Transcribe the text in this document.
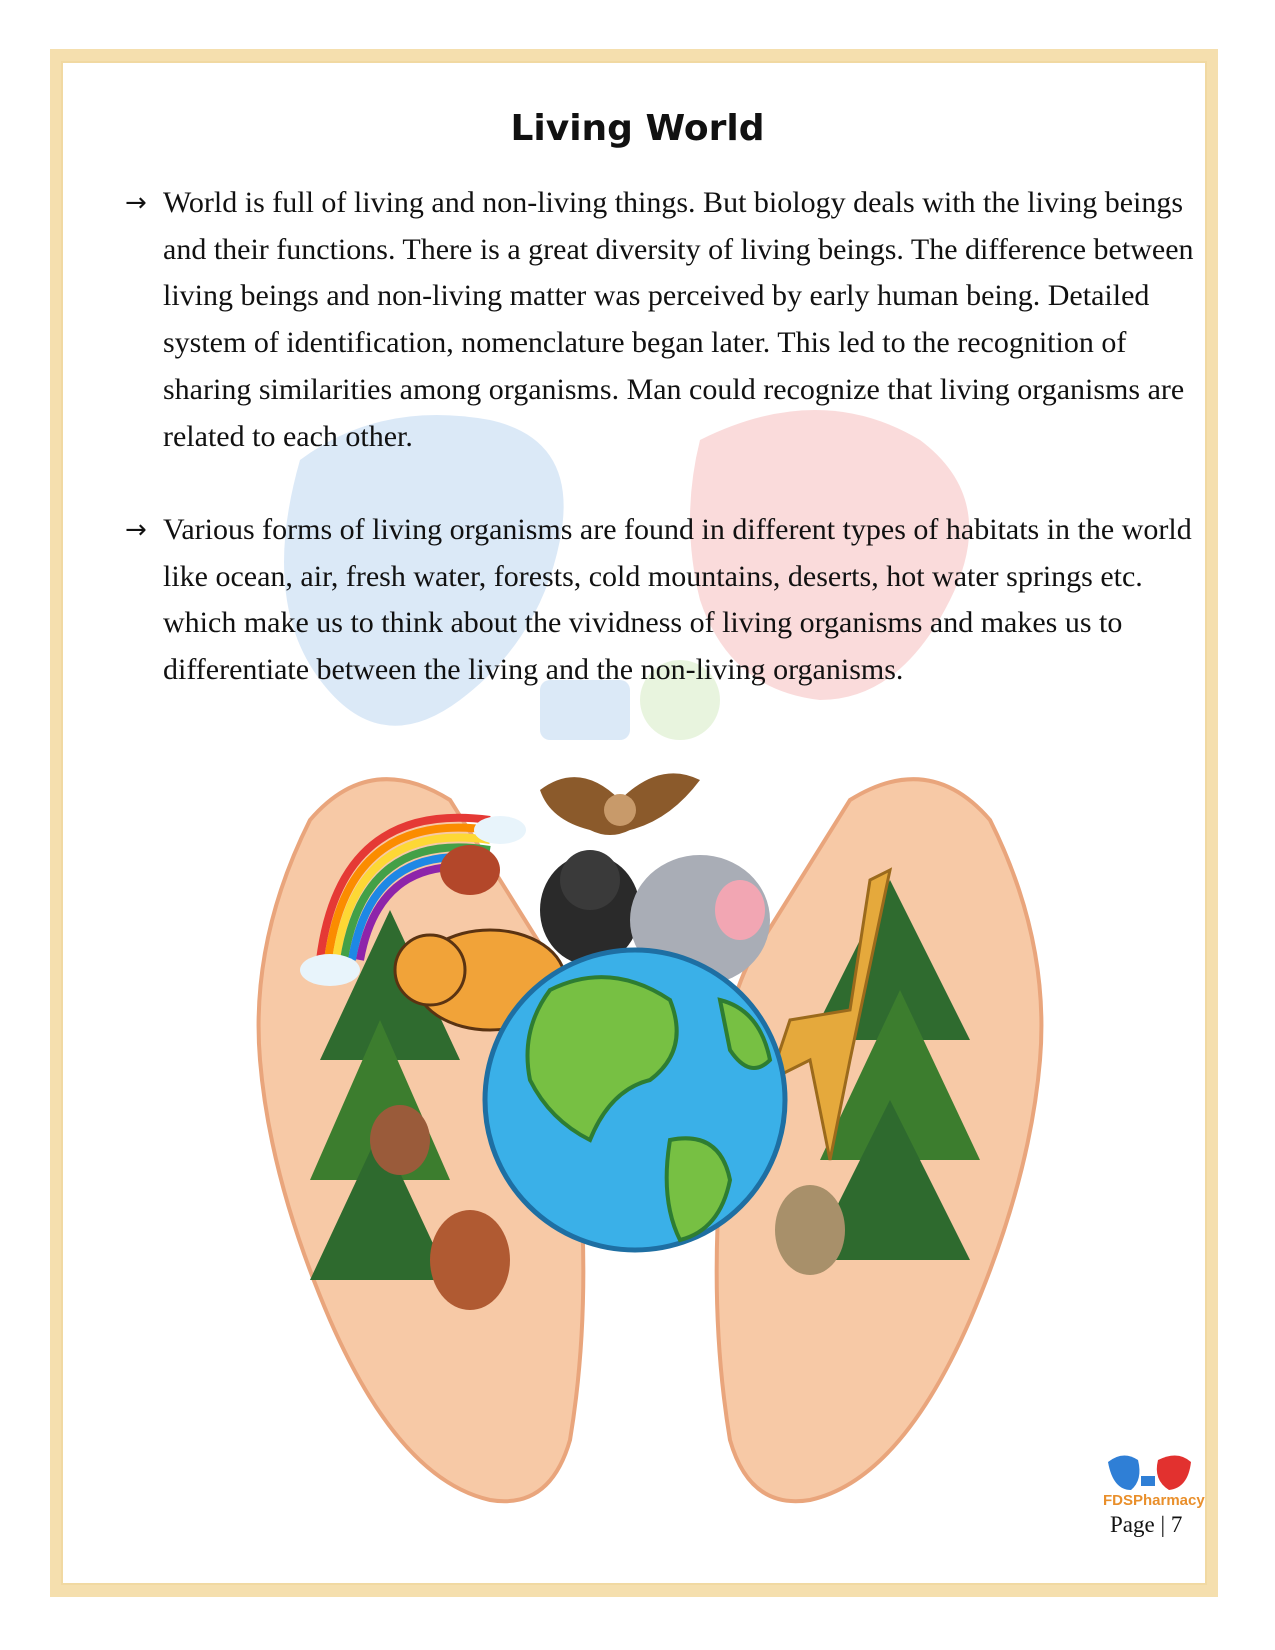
Living World
→ World is full of living and non-living things. But biology deals with the living beings and their functions. There is a great diversity of living beings. The difference between living beings and non-living matter was perceived by early human being. Detailed system of identification, nomenclature began later. This led to the recognition of sharing similarities among organisms. Man could recognize that living organisms are related to each other.
→ Various forms of living organisms are found in different types of habitats in the world like ocean, air, fresh water, forests, cold mountains, deserts, hot water springs etc. which make us to think about the vividness of living organisms and makes us to differentiate between the living and the non-living organisms.
FDSPharmacy
Page | 7
